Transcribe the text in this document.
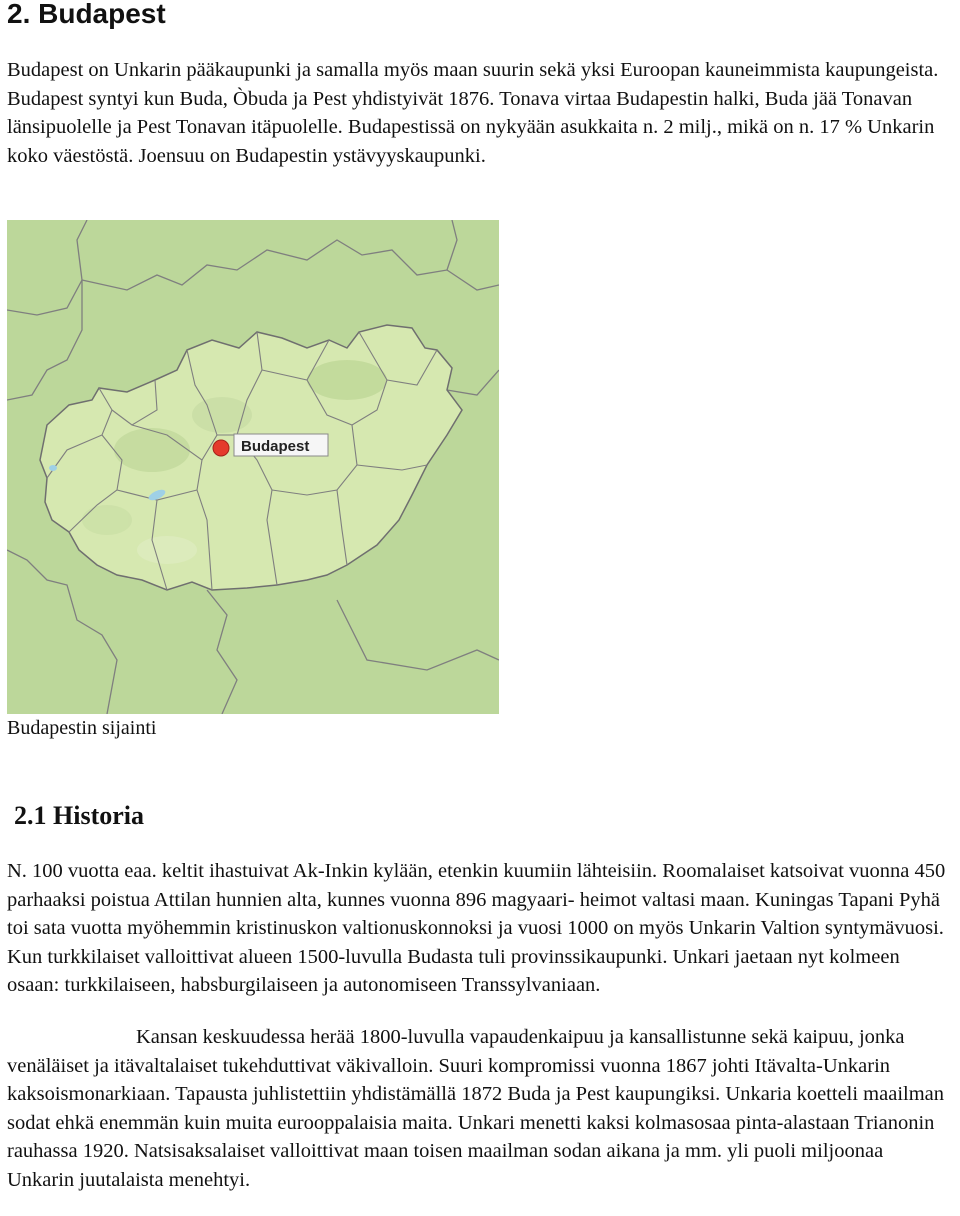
2. Budapest

Budapest on Unkarin pääkaupunki ja samalla myös maan suurin sekä yksi Euroopan kauneimmista kaupungeista. Budapest syntyi kun Buda, Òbuda ja Pest yhdistyivät 1876. Tonava virtaa Budapestin halki, Buda jää Tonavan länsipuolelle ja Pest Tonavan itäpuolelle. Budapestissä on nykyään asukkaita n. 2 milj., mikä on n. 17 % Unkarin koko väestöstä. Joensuu on Budapestin ystävyyskaupunki.

Budapest

Budapestin sijainti

2.1 Historia

N. 100 vuotta eaa. keltit ihastuivat Ak-Inkin kylään, etenkin kuumiin lähteisiin. Roomalaiset katsoivat vuonna 450 parhaaksi poistua Attilan hunnien alta, kunnes vuonna 896 magyaari- heimot valtasi maan. Kuningas Tapani Pyhä toi sata vuotta myöhemmin kristinuskon valtionuskonnoksi ja vuosi 1000 on myös Unkarin Valtion syntymävuosi. Kun turkkilaiset valloittivat alueen 1500-luvulla Budasta tuli provinssikaupunki. Unkari jaetaan nyt kolmeen osaan: turkkilaiseen, habsburgilaiseen ja autonomiseen Transsylvaniaan.

Kansan keskuudessa herää 1800-luvulla vapaudenkaipuu ja kansallistunne sekä kaipuu, jonka venäläiset ja itävaltalaiset tukehduttivat väkivalloin. Suuri kompromissi vuonna 1867 johti Itävalta-Unkarin kaksoismonarkiaan. Tapausta juhlistettiin yhdistämällä 1872 Buda ja Pest kaupungiksi. Unkaria koetteli maailman sodat ehkä enemmän kuin muita eurooppalaisia maita. Unkari menetti kaksi kolmasosaa pinta-alastaan Trianonin rauhassa 1920. Natsisaksalaiset valloittivat maan toisen maailman sodan aikana ja mm. yli puoli miljoonaa Unkarin juutalaista menehtyi.
